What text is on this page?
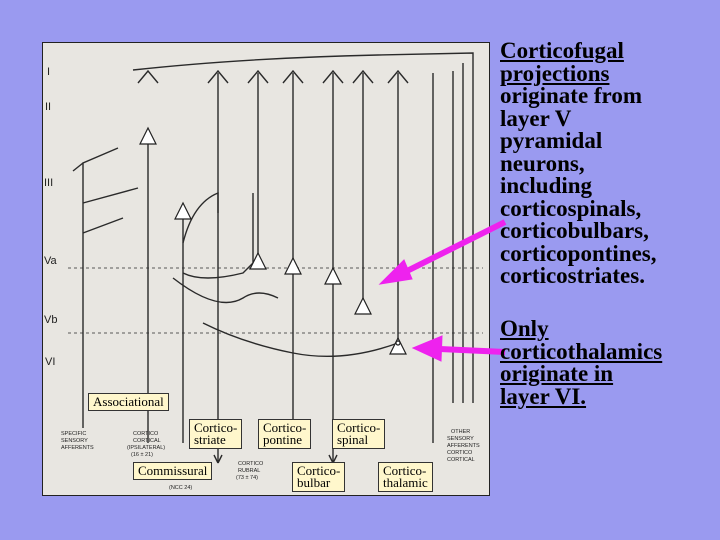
I
II
III
Va
Vb
VI
SPECIFIC
SENSORY
AFFERENTS
CORTICO
CORTICAL
(IPSILATERAL)
(16 ± 21)
CORTICO
RUBRAL
(73 ± 74)
OTHER
SENSORY
AFFERENTS
CORTICO
CORTICAL
(NCC 24)
Associational
Cortico-
striate
Cortico-
pontine
Cortico-
spinal
Commissural	Cortico-
bulbar
Cortico-
thalamic
Corticofugal
projections
originate from
layer V
pyramidal
neurons,
including
corticospinals,
corticobulbars,
corticopontines,
corticostriates.
Only
corticothalamics
originate in
layer VI.
